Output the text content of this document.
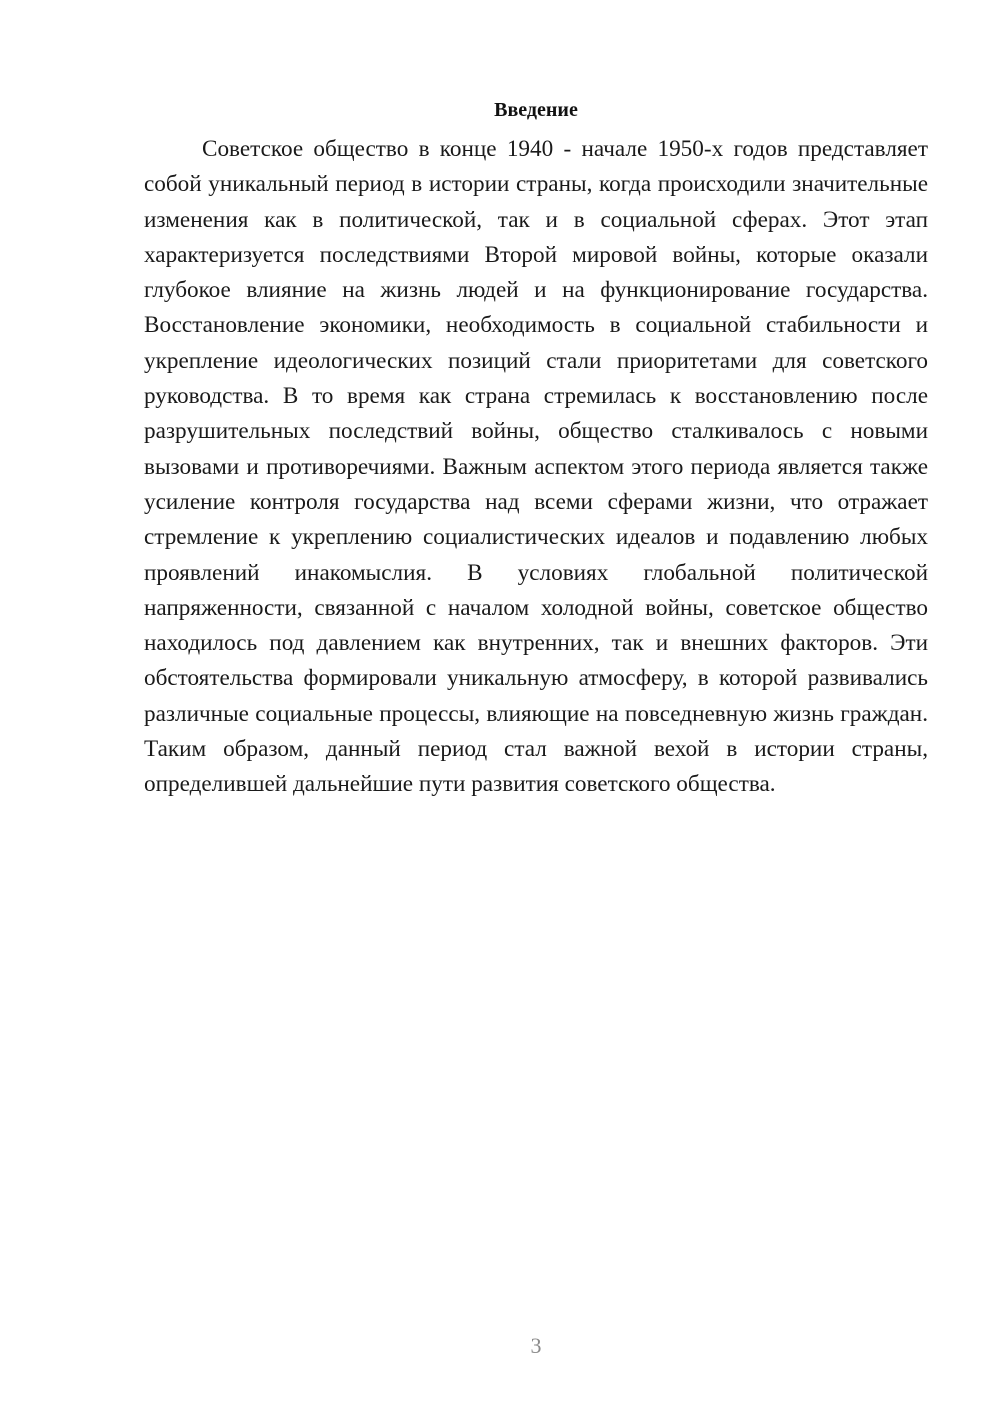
Введение

Советское общество в конце 1940 - начале 1950-х годов представляет собой уникальный период в истории страны, когда происходили значительные изменения как в политической, так и в социальной сферах. Этот этап характеризуется последствиями Второй мировой войны, которые оказали глубокое влияние на жизнь людей и на функционирование государства. Восстановление экономики, необходимость в социальной стабильности и укрепление идеологических позиций стали приоритетами для советского руководства. В то время как страна стремилась к восстановлению после разрушительных последствий войны, общество сталкивалось с новыми вызовами и противоречиями. Важным аспектом этого периода является также усиление контроля государства над всеми сферами жизни, что отражает стремление к укреплению социалистических идеалов и подавлению любых проявлений инакомыслия. В условиях глобальной политической напряженности, связанной с началом холодной войны, советское общество находилось под давлением как внутренних, так и внешних факторов. Эти обстоятельства формировали уникальную атмосферу, в которой развивались различные социальные процессы, влияющие на повседневную жизнь граждан. Таким образом, данный период стал важной вехой в истории страны, определившей дальнейшие пути развития советского общества.

3
